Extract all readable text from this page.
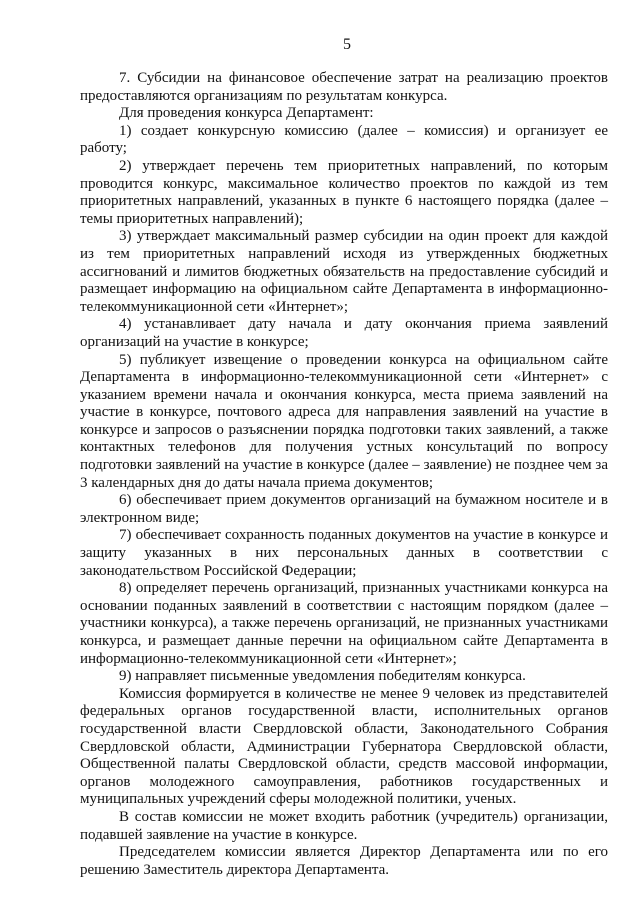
5

7. Субсидии на финансовое обеспечение затрат на реализацию проектов предоставляются организациям по результатам конкурса.

Для проведения конкурса Департамент:

1) создает конкурсную комиссию (далее – комиссия) и организует ее работу;

2) утверждает перечень тем приоритетных направлений, по которым проводится конкурс, максимальное количество проектов по каждой из тем приоритетных направлений, указанных в пункте 6 настоящего порядка (далее – темы приоритетных направлений);

3) утверждает максимальный размер субсидии на один проект для каждой из тем приоритетных направлений исходя из утвержденных бюджетных ассигнований и лимитов бюджетных обязательств на предоставление субсидий и размещает информацию на официальном сайте Департамента в информационно-телекоммуникационной сети «Интернет»;

4) устанавливает дату начала и дату окончания приема заявлений организаций на участие в конкурсе;

5) публикует извещение о проведении конкурса на официальном сайте Департамента в информационно-телекоммуникационной сети «Интернет» с указанием времени начала и окончания конкурса, места приема заявлений на участие в конкурсе, почтового адреса для направления заявлений на участие в конкурсе и запросов о разъяснении порядка подготовки таких заявлений, а также контактных телефонов для получения устных консультаций по вопросу подготовки заявлений на участие в конкурсе (далее – заявление) не позднее чем за 3 календарных дня до даты начала приема документов;

6) обеспечивает прием документов организаций на бумажном носителе и в электронном виде;

7) обеспечивает сохранность поданных документов на участие в конкурсе и защиту указанных в них персональных данных в соответствии с законодательством Российской Федерации;

8) определяет перечень организаций, признанных участниками конкурса на основании поданных заявлений в соответствии с настоящим порядком (далее – участники конкурса), а также перечень организаций, не признанных участниками конкурса, и размещает данные перечни на официальном сайте Департамента в информационно-телекоммуникационной сети «Интернет»;

9) направляет письменные уведомления победителям конкурса.

Комиссия формируется в количестве не менее 9 человек из представителей федеральных органов государственной власти, исполнительных органов государственной власти Свердловской области, Законодательного Собрания Свердловской области, Администрации Губернатора Свердловской области, Общественной палаты Свердловской области, средств массовой информации, органов молодежного самоуправления, работников государственных и муниципальных учреждений сферы молодежной политики, ученых.

В состав комиссии не может входить работник (учредитель) организации, подавшей заявление на участие в конкурсе.

Председателем комиссии является Директор Департамента или по его решению Заместитель директора Департамента.
